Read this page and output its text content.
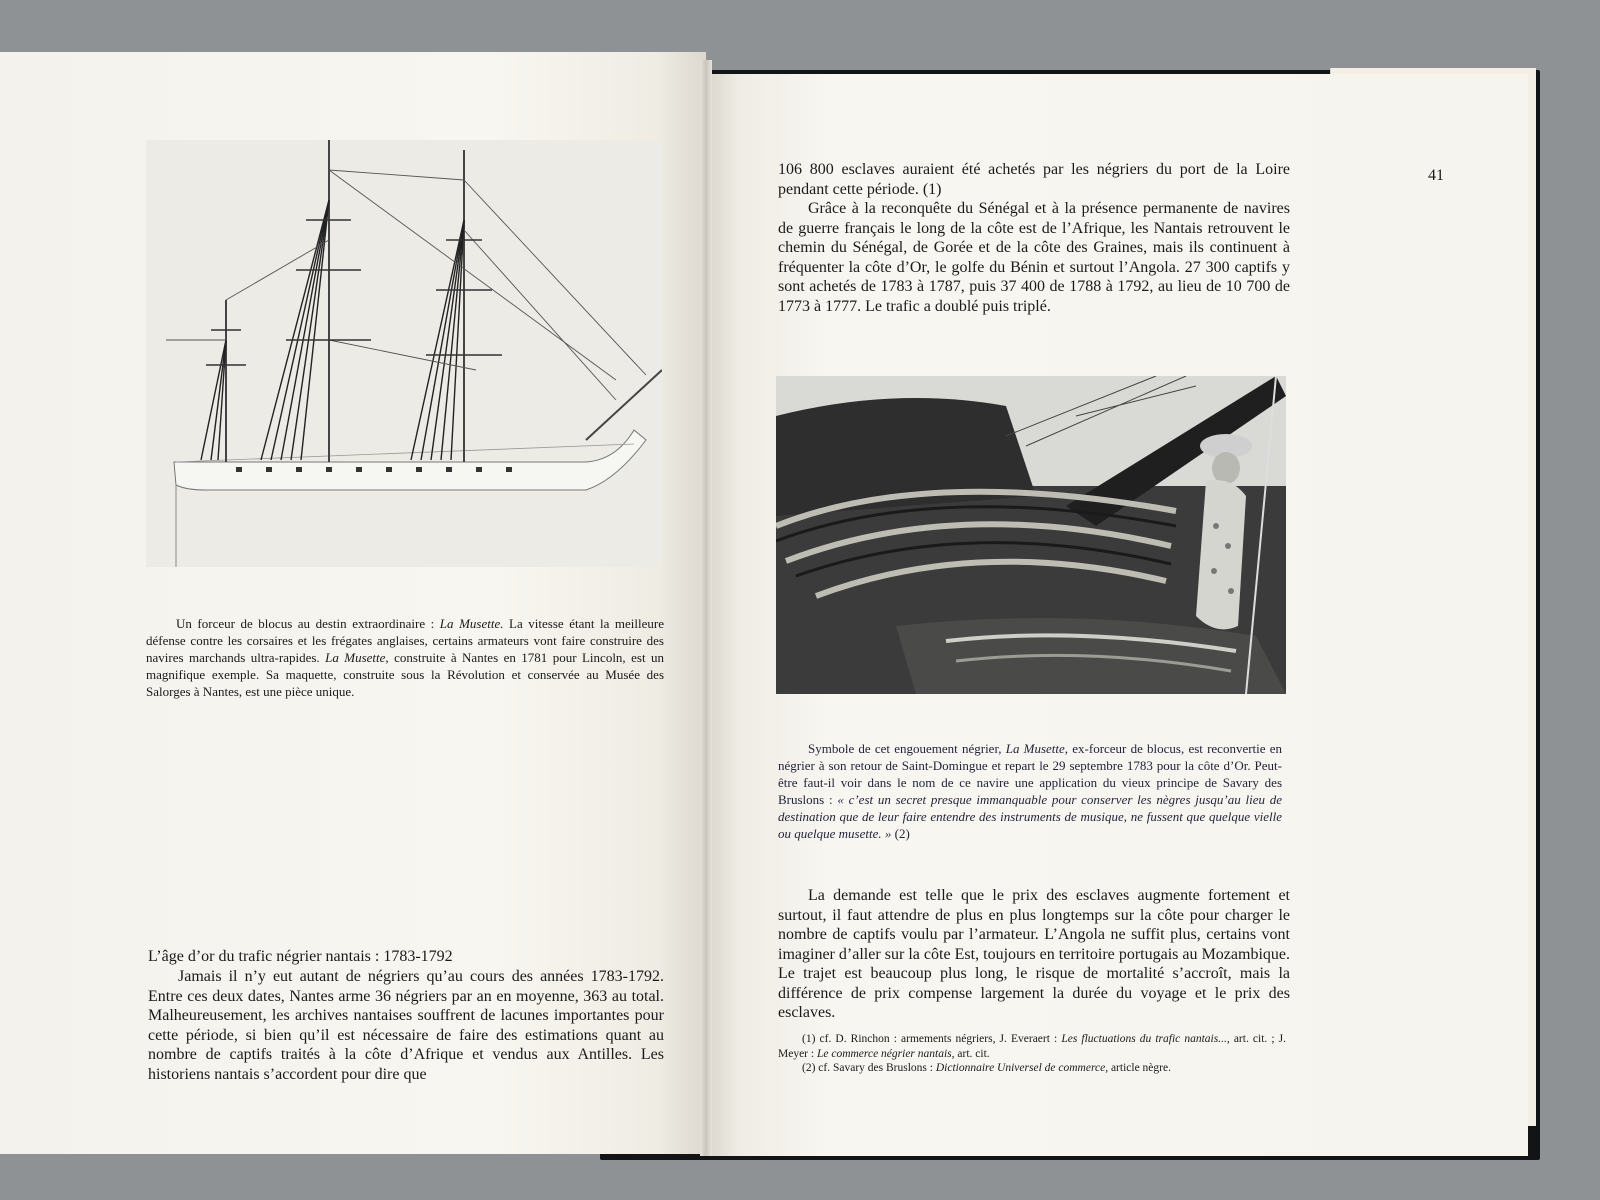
Un forceur de blocus au destin extraordinaire : La Musette. La vitesse étant la meilleure défense contre les corsaires et les frégates anglaises, certains armateurs vont faire construire des navires marchands ultra-rapides. La Musette, construite à Nantes en 1781 pour Lincoln, est un magnifique exemple. Sa maquette, construite sous la Révolution et conservée au Musée des Salorges à Nantes, est une pièce unique.

L’âge d’or du trafic négrier nantais : 1783-1792

Jamais il n’y eut autant de négriers qu’au cours des années 1783-1792. Entre ces deux dates, Nantes arme 36 négriers par an en moyenne, 363 au total. Malheureusement, les archives nantaises souffrent de lacunes importantes pour cette période, si bien qu’il est nécessaire de faire des estimations quant au nombre de captifs traités à la côte d’Afrique et vendus aux Antilles. Les historiens nantais s’accordent pour dire que

41

106 800 esclaves auraient été achetés par les négriers du port de la Loire pendant cette période. (1)

Grâce à la reconquête du Sénégal et à la présence permanente de navires de guerre français le long de la côte est de l’Afrique, les Nantais retrouvent le chemin du Sénégal, de Gorée et de la côte des Graines, mais ils continuent à fréquenter la côte d’Or, le golfe du Bénin et surtout l’Angola. 27 300 captifs y sont achetés de 1783 à 1787, puis 37 400 de 1788 à 1792, au lieu de 10 700 de 1773 à 1777. Le trafic a doublé puis triplé.

Symbole de cet engouement négrier, La Musette, ex-forceur de blocus, est reconvertie en négrier à son retour de Saint-Domingue et repart le 29 septembre 1783 pour la côte d’Or. Peut-être faut-il voir dans le nom de ce navire une application du vieux principe de Savary des Bruslons : « c’est un secret presque immanquable pour conserver les nègres jusqu’au lieu de destination que de leur faire entendre des instruments de musique, ne fussent que quelque vielle ou quelque musette. » (2)

La demande est telle que le prix des esclaves augmente fortement et surtout, il faut attendre de plus en plus longtemps sur la côte pour charger le nombre de captifs voulu par l’armateur. L’Angola ne suffit plus, certains vont imaginer d’aller sur la côte Est, toujours en territoire portugais au Mozambique. Le trajet est beaucoup plus long, le risque de mortalité s’accroît, mais la différence de prix compense largement la durée du voyage et le prix des esclaves.

(1) cf. D. Rinchon : armements négriers, J. Everaert : Les fluctuations du trafic nantais..., art. cit. ; J. Meyer : Le commerce négrier nantais, art. cit.

(2) cf. Savary des Bruslons : Dictionnaire Universel de commerce, article nègre.
